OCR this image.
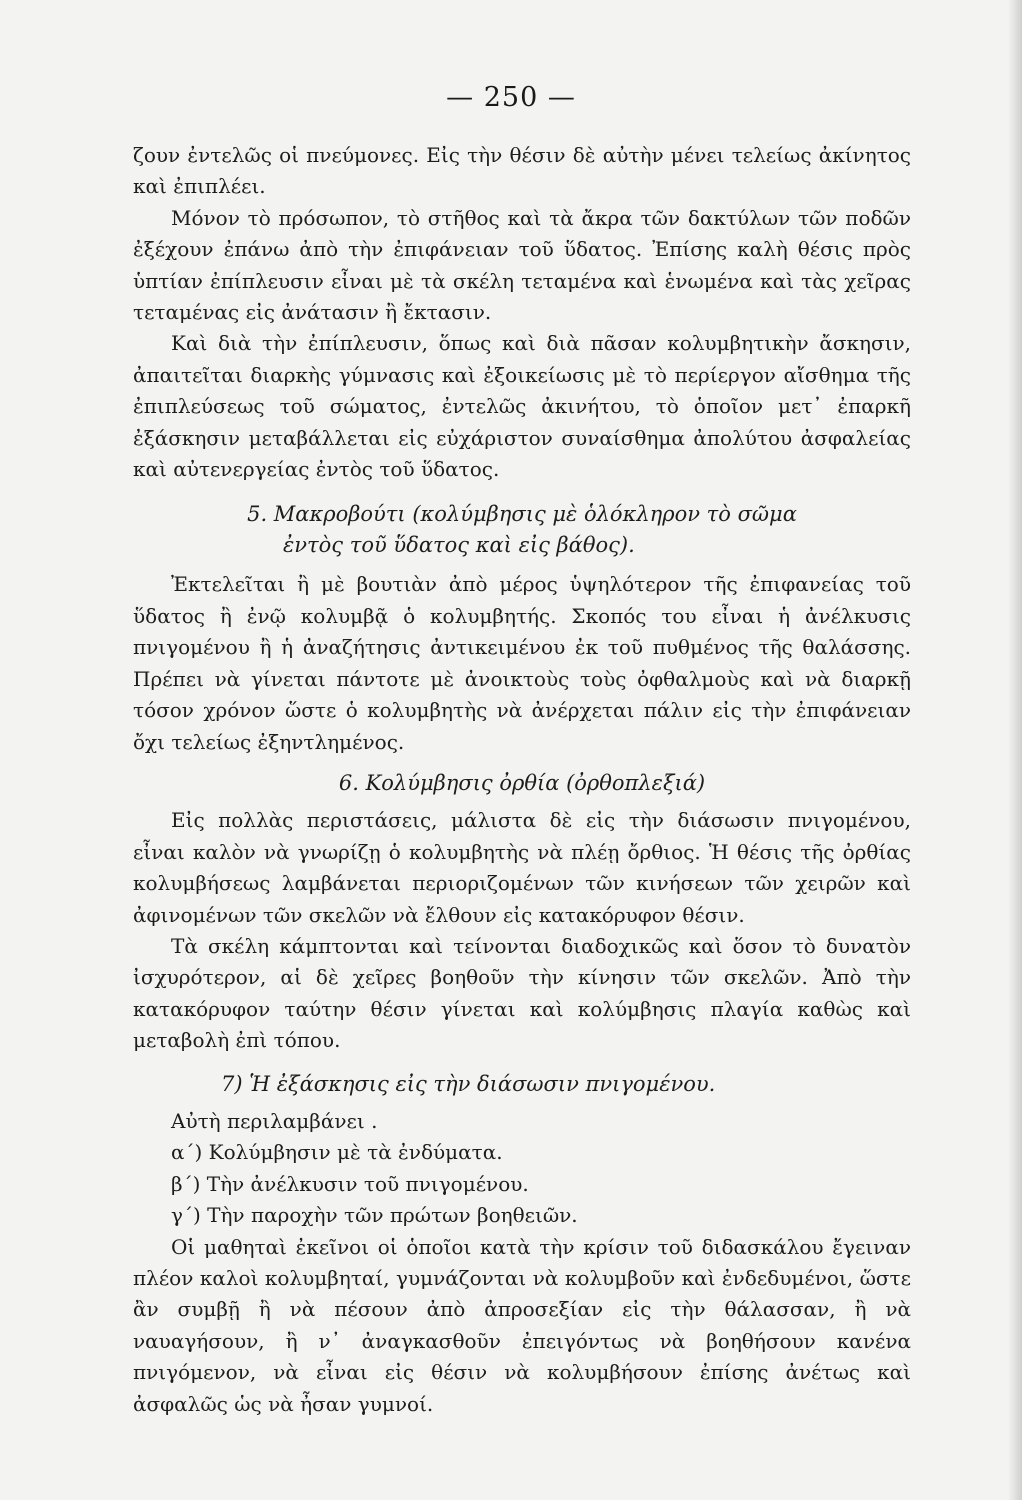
— 250 —

ζουν ἐντελῶς οἱ πνεύμονες. Εἰς τὴν θέσιν δὲ αὐτὴν μένει τελείως ἀκίνητος καὶ ἐπιπλέει.

Μόνον τὸ πρόσωπον, τὸ στῆθος καὶ τὰ ἄκρα τῶν δακτύλων τῶν ποδῶν ἐξέχουν ἐπάνω ἀπὸ τὴν ἐπιφάνειαν τοῦ ὕδατος. Ἐπίσης καλὴ θέσις πρὸς ὑπτίαν ἐπίπλευσιν εἶναι μὲ τὰ σκέλη τεταμένα καὶ ἑνωμένα καὶ τὰς χεῖρας τεταμένας εἰς ἀνάτασιν ἢ ἔκτασιν.

Καὶ διὰ τὴν ἐπίπλευσιν, ὅπως καὶ διὰ πᾶσαν κολυμβητικὴν ἄσκησιν, ἀπαιτεῖται διαρκὴς γύμνασις καὶ ἐξοικείωσις μὲ τὸ περίεργον αἴσθημα τῆς ἐπιπλεύσεως τοῦ σώματος, ἐντελῶς ἀκινήτου, τὸ ὁποῖον μετ᾽ ἐπαρκῆ ἐξάσκησιν μεταβάλλεται εἰς εὐχάριστον συναίσθημα ἀπολύτου ἀσφαλείας καὶ αὐτενεργείας ἐντὸς τοῦ ὕδατος.

5. Μακροβούτι (κολύμβησις μὲ ὁλόκληρον τὸ σῶμα
ἐντὸς τοῦ ὕδατος καὶ εἰς βάθος).

Ἐκτελεῖται ἢ μὲ βουτιὰν ἀπὸ μέρος ὑψηλότερον τῆς ἐπιφανείας τοῦ ὕδατος ἢ ἐνῷ κολυμβᾷ ὁ κολυμβητής. Σκοπός του εἶναι ἡ ἀνέλκυσις πνιγομένου ἢ ἡ ἀναζήτησις ἀντικειμένου ἐκ τοῦ πυθμένος τῆς θαλάσσης. Πρέπει νὰ γίνεται πάντοτε μὲ ἀνοικτοὺς τοὺς ὀφθαλμοὺς καὶ νὰ διαρκῇ τόσον χρόνον ὥστε ὁ κολυμβητὴς νὰ ἀνέρχεται πάλιν εἰς τὴν ἐπιφάνειαν ὄχι τελείως ἐξηντλημένος.

6. Κολύμβησις ὀρθία (ὀρθοπλεξιά)

Εἰς πολλὰς περιστάσεις, μάλιστα δὲ εἰς τὴν διάσωσιν πνιγομένου, εἶναι καλὸν νὰ γνωρίζῃ ὁ κολυμβητὴς νὰ πλέῃ ὄρθιος. Ἡ θέσις τῆς ὀρθίας κολυμβήσεως λαμβάνεται περιοριζομένων τῶν κινήσεων τῶν χειρῶν καὶ ἀφινομένων τῶν σκελῶν νὰ ἔλθουν εἰς κατακόρυφον θέσιν.

Τὰ σκέλη κάμπτονται καὶ τείνονται διαδοχικῶς καὶ ὅσον τὸ δυνατὸν ἰσχυρότερον, αἱ δὲ χεῖρες βοηθοῦν τὴν κίνησιν τῶν σκελῶν. Ἀπὸ τὴν κατακόρυφον ταύτην θέσιν γίνεται καὶ κολύμβησις πλαγία καθὼς καὶ μεταβολὴ ἐπὶ τόπου.

7) Ἡ ἐξάσκησις εἰς τὴν διάσωσιν πνιγομένου.

Αὐτὴ περιλαμβάνει .

α΄) Κολύμβησιν μὲ τὰ ἐνδύματα.

β΄) Τὴν ἀνέλκυσιν τοῦ πνιγομένου.

γ΄) Τὴν παροχὴν τῶν πρώτων βοηθειῶν.

Οἱ μαθηταὶ ἐκεῖνοι οἱ ὁποῖοι κατὰ τὴν κρίσιν τοῦ διδασκάλου ἔγειναν πλέον καλοὶ κολυμβηταί, γυμνάζονται νὰ κολυμβοῦν καὶ ἐνδεδυμένοι, ὥστε ἂν συμβῇ ἢ νὰ πέσουν ἀπὸ ἀπροσεξίαν εἰς τὴν θάλασσαν, ἢ νὰ ναυαγήσουν, ἢ ν᾽ ἀναγκασθοῦν ἐπειγόντως νὰ βοηθήσουν κανένα πνιγόμενον, νὰ εἶναι εἰς θέσιν νὰ κολυμβήσουν ἐπίσης ἀνέτως καὶ ἀσφαλῶς ὡς νὰ ἦσαν γυμνοί.
